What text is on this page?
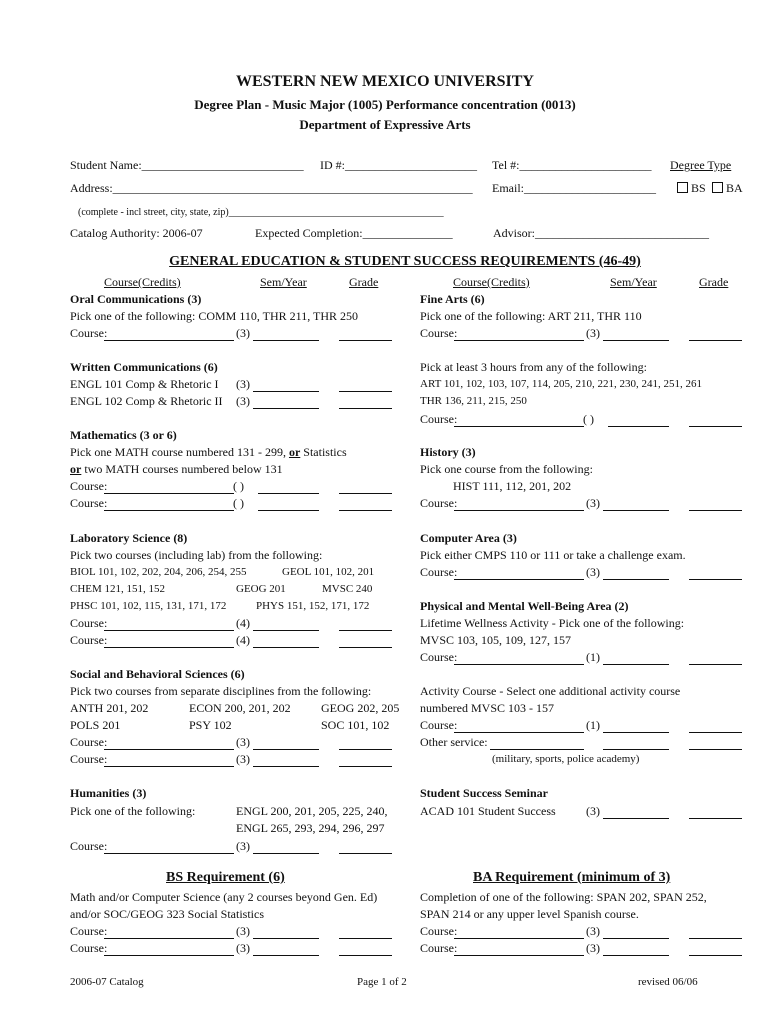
WESTERN NEW MEXICO UNIVERSITY
Degree Plan - Music Major (1005) Performance concentration (0013)
Department of Expressive Arts
Student Name:___________________________ ID #:______________________ Tel #:______________________ Degree Type
Address:____________________________________________________________ Email:______________________	BS	BA
(complete - incl street, city, state, zip)___________________________________________
Catalog Authority: 2006-07	Expected Completion:_______________	Advisor:_____________________________
GENERAL EDUCATION & STUDENT SUCCESS REQUIREMENTS (46-49)
Course(Credits)	Sem/Year	Grade	Course(Credits)	Sem/Year	Grade
Oral Communications (3)
Pick one of the following: COMM 110, THR 211, THR 250
Course:	(3)
Written Communications (6)
ENGL 101 Comp & Rhetoric I (3)
ENGL 102 Comp & Rhetoric II (3)
Mathematics (3 or 6)
Pick one MATH course numbered 131 - 299, or Statistics
or two MATH courses numbered below 131
Course:	( )
Course:	( )
Laboratory Science (8)
Pick two courses (including lab) from the following:
BIOL 101, 102, 202, 204, 206, 254, 255	GEOL 101, 102, 201
CHEM 121, 151, 152	GEOG 201	MVSC 240
PHSC 101, 102, 115, 131, 171, 172	PHYS 151, 152, 171, 172
Course:	(4)
Course:	(4)
Social and Behavioral Sciences (6)
Pick two courses from separate disciplines from the following:
ANTH 201, 202	ECON 200, 201, 202	GEOG 202, 205
POLS 201	PSY 102	SOC 101, 102
Course:	(3)
Course:	(3)
Humanities (3)
Pick one of the following:	ENGL 200, 201, 205, 225, 240,
ENGL 265, 293, 294, 296, 297
Course:	(3)
Fine Arts (6)
Pick one of the following: ART 211, THR 110
Course:	(3)
Pick at least 3 hours from any of the following:
ART 101, 102, 103, 107, 114, 205, 210, 221, 230, 241, 251, 261
THR 136, 211, 215, 250
Course:	( )
History (3)
Pick one course from the following:
HIST 111, 112, 201, 202
Course:	(3)
Computer Area (3)
Pick either CMPS 110 or 111 or take a challenge exam.
Course:	(3)
Physical and Mental Well-Being Area (2)
Lifetime Wellness Activity - Pick one of the following:
MVSC 103, 105, 109, 127, 157
Course:	(1)
Activity Course - Select one additional activity course
numbered MVSC 103 - 157
Course:	(1)
Other service:
(military, sports, police academy)
Student Success Seminar
ACAD 101 Student Success	(3)
BS Requirement (6)
Math and/or Computer Science (any 2 courses beyond Gen. Ed)
and/or SOC/GEOG 323 Social Statistics
Course:	(3)
Course:	(3)
BA Requirement (minimum of 3)
Completion of one of the following: SPAN 202, SPAN 252,
SPAN 214 or any upper level Spanish course.
Course:	(3)
Course:	(3)
2006-07 Catalog	Page 1 of 2	revised 06/06
